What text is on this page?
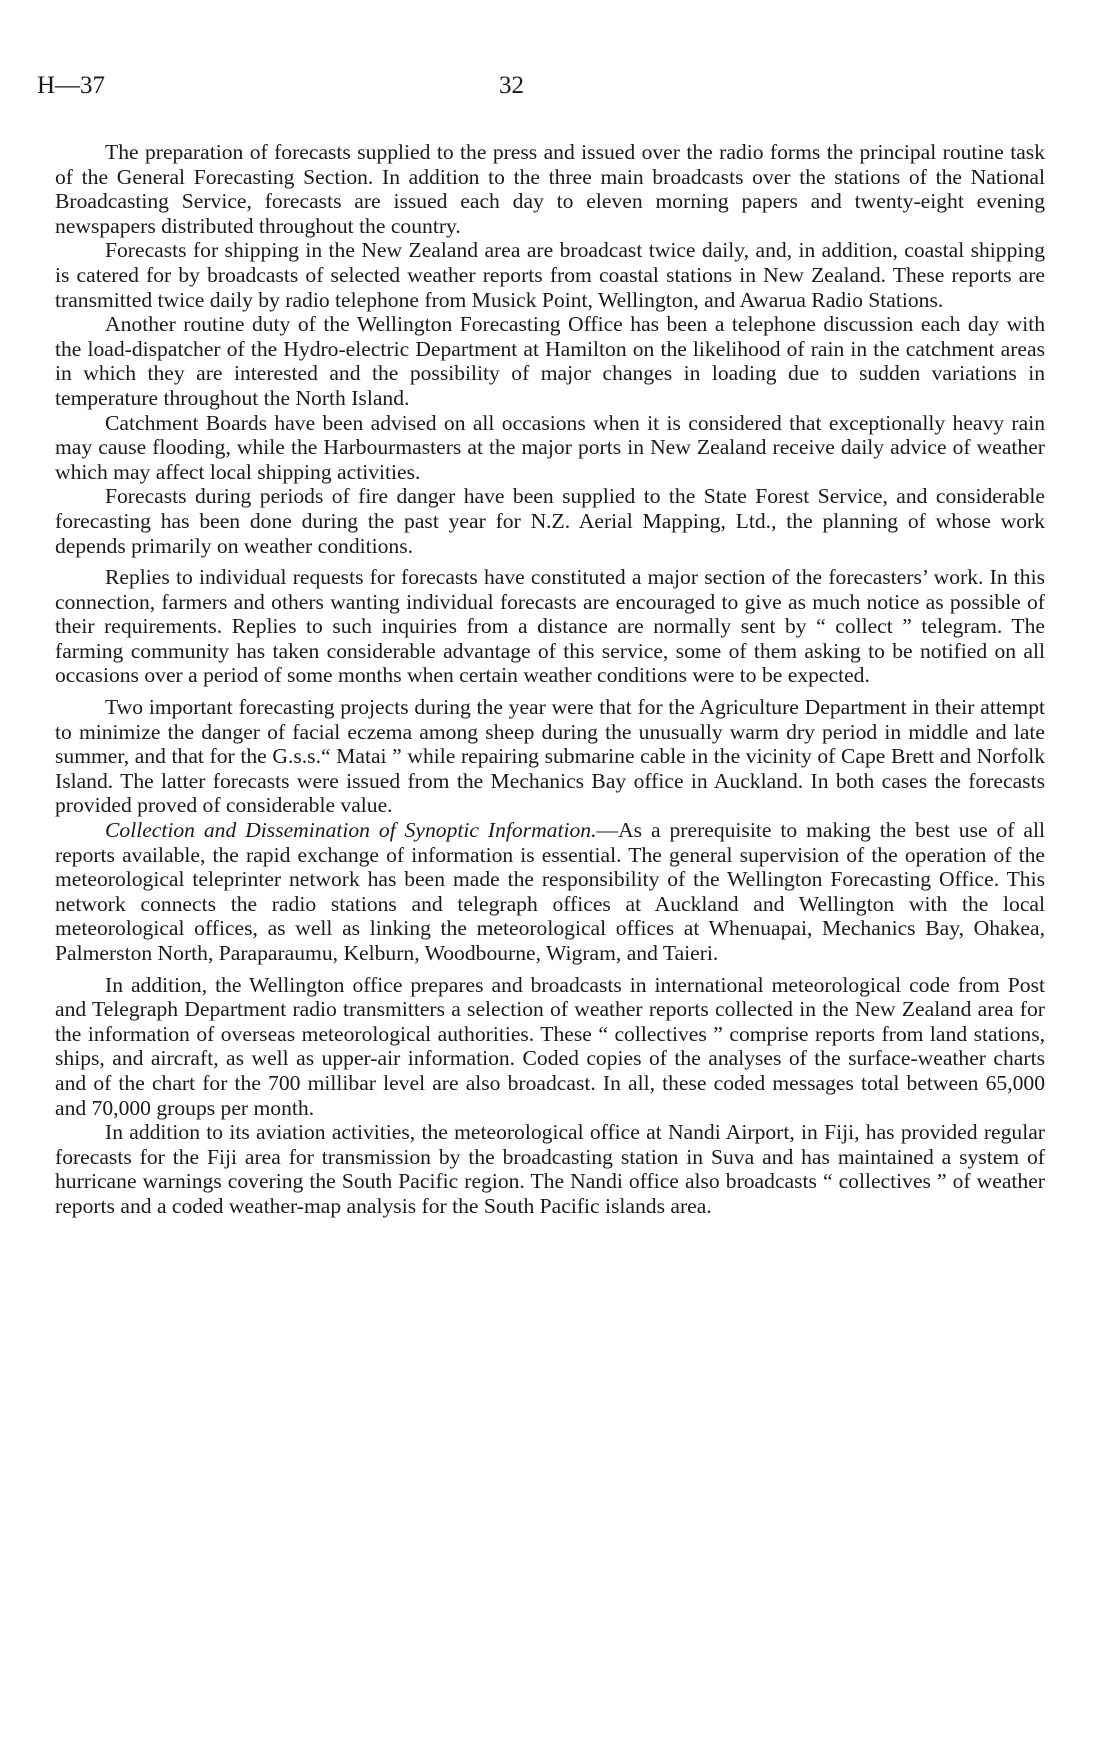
H—37	32

The preparation of forecasts supplied to the press and issued over the radio forms the principal routine task of the General Forecasting Section. In addition to the three main broadcasts over the stations of the National Broadcasting Service, forecasts are issued each day to eleven morning papers and twenty-eight evening newspapers distributed throughout the country.

Forecasts for shipping in the New Zealand area are broadcast twice daily, and, in addition, coastal shipping is catered for by broadcasts of selected weather reports from coastal stations in New Zealand. These reports are transmitted twice daily by radio telephone from Musick Point, Wellington, and Awarua Radio Stations.

Another routine duty of the Wellington Forecasting Office has been a telephone discussion each day with the load-dispatcher of the Hydro-electric Department at Hamilton on the likelihood of rain in the catchment areas in which they are interested and the possibility of major changes in loading due to sudden variations in temperature throughout the North Island.

Catchment Boards have been advised on all occasions when it is considered that exceptionally heavy rain may cause flooding, while the Harbourmasters at the major ports in New Zealand receive daily advice of weather which may affect local shipping activities.

Forecasts during periods of fire danger have been supplied to the State Forest Service, and considerable forecasting has been done during the past year for N.Z. Aerial Mapping, Ltd., the planning of whose work depends primarily on weather conditions.

Replies to individual requests for forecasts have constituted a major section of the forecasters’ work. In this connection, farmers and others wanting individual forecasts are encouraged to give as much notice as possible of their requirements. Replies to such inquiries from a distance are normally sent by “ collect ” telegram. The farming community has taken considerable advantage of this service, some of them asking to be notified on all occasions over a period of some months when certain weather conditions were to be expected.

Two important forecasting projects during the year were that for the Agriculture Department in their attempt to minimize the danger of facial eczema among sheep during the unusually warm dry period in middle and late summer, and that for the G.s.s.“ Matai ” while repairing submarine cable in the vicinity of Cape Brett and Norfolk Island. The latter forecasts were issued from the Mechanics Bay office in Auckland. In both cases the forecasts provided proved of considerable value.

Collection and Dissemination of Synoptic Information.—As a prerequisite to making the best use of all reports available, the rapid exchange of information is essential. The general supervision of the operation of the meteorological teleprinter network has been made the responsibility of the Wellington Forecasting Office. This network connects the radio stations and telegraph offices at Auckland and Wellington with the local meteorological offices, as well as linking the meteorological offices at Whenuapai, Mechanics Bay, Ohakea, Palmerston North, Paraparaumu, Kelburn, Woodbourne, Wigram, and Taieri.

In addition, the Wellington office prepares and broadcasts in international meteorological code from Post and Telegraph Department radio transmitters a selection of weather reports collected in the New Zealand area for the information of overseas meteorological authorities. These “ collectives ” comprise reports from land stations, ships, and aircraft, as well as upper-air information. Coded copies of the analyses of the surface-weather charts and of the chart for the 700 millibar level are also broadcast. In all, these coded messages total between 65,000 and 70,000 groups per month.

In addition to its aviation activities, the meteorological office at Nandi Airport, in Fiji, has provided regular forecasts for the Fiji area for transmission by the broadcasting station in Suva and has maintained a system of hurricane warnings covering the South Pacific region. The Nandi office also broadcasts “ collectives ” of weather reports and a coded weather-map analysis for the South Pacific islands area.
